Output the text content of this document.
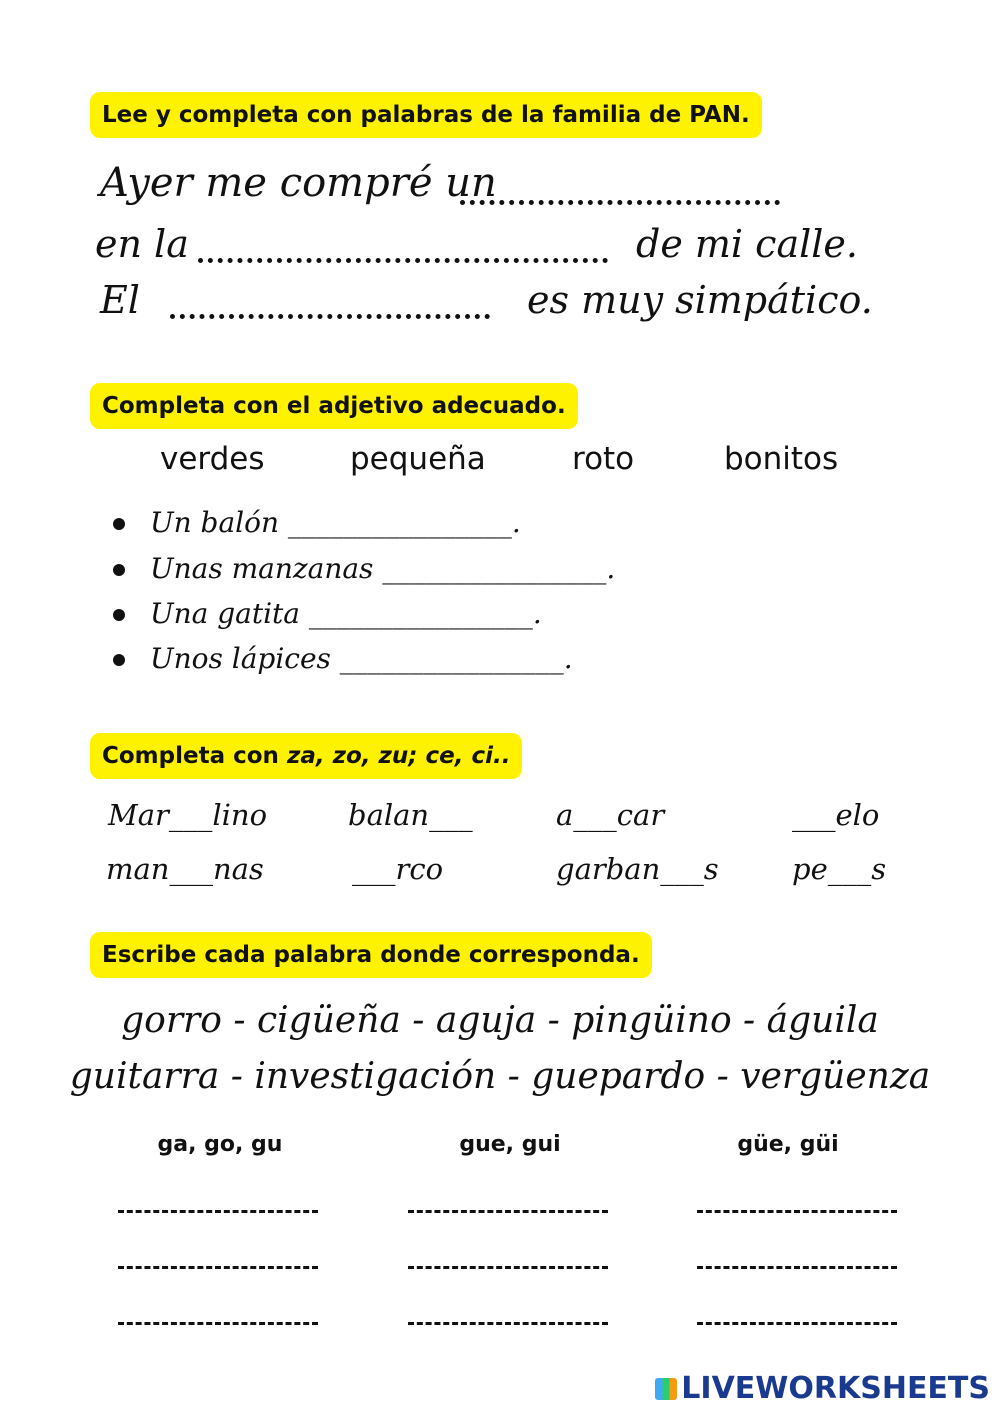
Lee y completa con palabras de la familia de PAN.
Ayer me compré un
en la	de mi calle.
El	es muy simpático.
Completa con el adjetivo adecuado.
verdes	pequeña	roto	bonitos
Un balón ________________.
Unas manzanas ________________.
Una gatita ________________.
Unos lápices ________________.
Completa con za, zo, zu; ce, ci..
Mar___lino	balan___	a___car	___elo
man___nas	___rco	garban___s	pe___s
Escribe cada palabra donde corresponda.
gorro - cigüeña - aguja - pingüino - águila
guitarra - investigación - guepardo - vergüenza
ga, go, gu	gue, gui	güe, güi
LIVEWORKSHEETS
